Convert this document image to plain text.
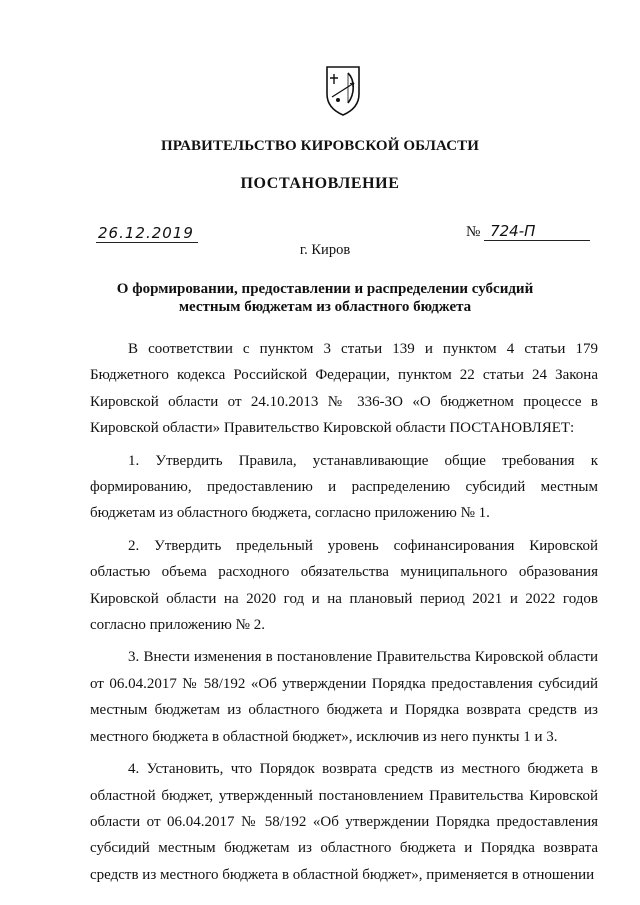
ПРАВИТЕЛЬСТВО КИРОВСКОЙ ОБЛАСТИ
ПОСТАНОВЛЕНИЕ
26.12.2019	№ 724-П
г. Киров
О формировании, предоставлении и распределении субсидий
местным бюджетам из областного бюджета

В соответствии с пунктом 3 статьи 139 и пунктом 4 статьи 179 Бюджетного кодекса Российской Федерации, пунктом 22 статьи 24 Закона Кировской области от 24.10.2013 № 336-ЗО «О бюджетном процессе в Кировской области» Правительство Кировской области ПОСТАНОВЛЯЕТ:

1. Утвердить Правила, устанавливающие общие требования к формированию, предоставлению и распределению субсидий местным бюджетам из областного бюджета, согласно приложению № 1.

2. Утвердить предельный уровень софинансирования Кировской областью объема расходного обязательства муниципального образования Кировской области на 2020 год и на плановый период 2021 и 2022 годов согласно приложению № 2.

3. Внести изменения в постановление Правительства Кировской области от 06.04.2017 № 58/192 «Об утверждении Порядка предоставления субсидий местным бюджетам из областного бюджета и Порядка возврата средств из местного бюджета в областной бюджет», исключив из него пункты 1 и 3.

4. Установить, что Порядок возврата средств из местного бюджета в областной бюджет, утвержденный постановлением Правительства Кировской области от 06.04.2017 № 58/192 «Об утверждении Порядка предоставления субсидий местным бюджетам из областного бюджета и Порядка возврата средств из местного бюджета в областной бюджет», применяется в отношении
